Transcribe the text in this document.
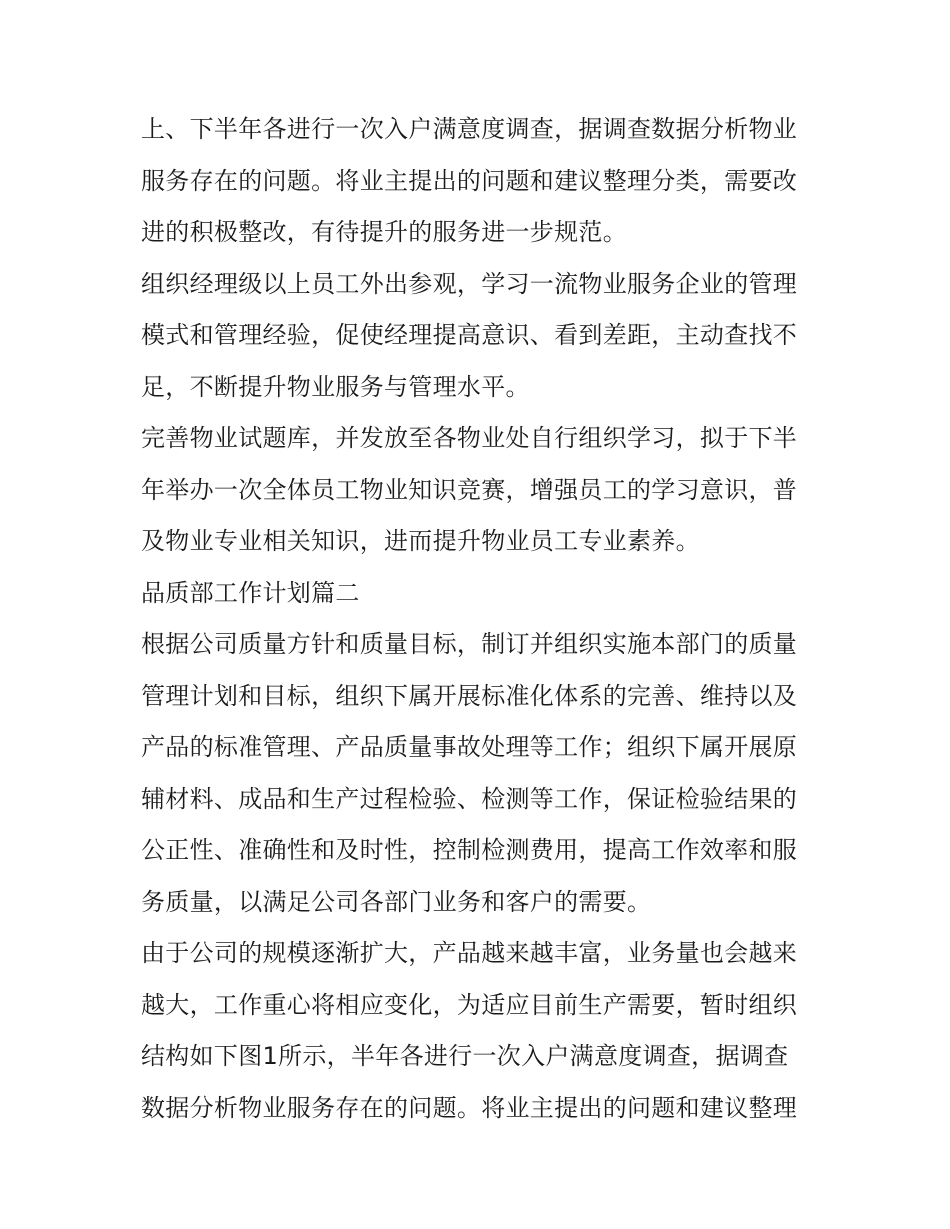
上、下半年各进行一次入户满意度调查，据调查数据分析物业
服务存在的问题。将业主提出的问题和建议整理分类，需要改
进的积极整改，有待提升的服务进一步规范。
组织经理级以上员工外出参观，学习一流物业服务企业的管理
模式和管理经验，促使经理提高意识、看到差距，主动查找不
足，不断提升物业服务与管理水平。
完善物业试题库，并发放至各物业处自行组织学习，拟于下半
年举办一次全体员工物业知识竞赛，增强员工的学习意识，普
及物业专业相关知识，进而提升物业员工专业素养。
品质部工作计划篇二
根据公司质量方针和质量目标，制订并组织实施本部门的质量
管理计划和目标，组织下属开展标准化体系的完善、维持以及
产品的标准管理、产品质量事故处理等工作；组织下属开展原
辅材料、成品和生产过程检验、检测等工作，保证检验结果的
公正性、准确性和及时性，控制检测费用，提高工作效率和服
务质量，以满足公司各部门业务和客户的需要。
由于公司的规模逐渐扩大，产品越来越丰富，业务量也会越来
越大，工作重心将相应变化，为适应目前生产需要，暂时组织
结构如下图1所示，半年各进行一次入户满意度调查，据调查
数据分析物业服务存在的问题。将业主提出的问题和建议整理
